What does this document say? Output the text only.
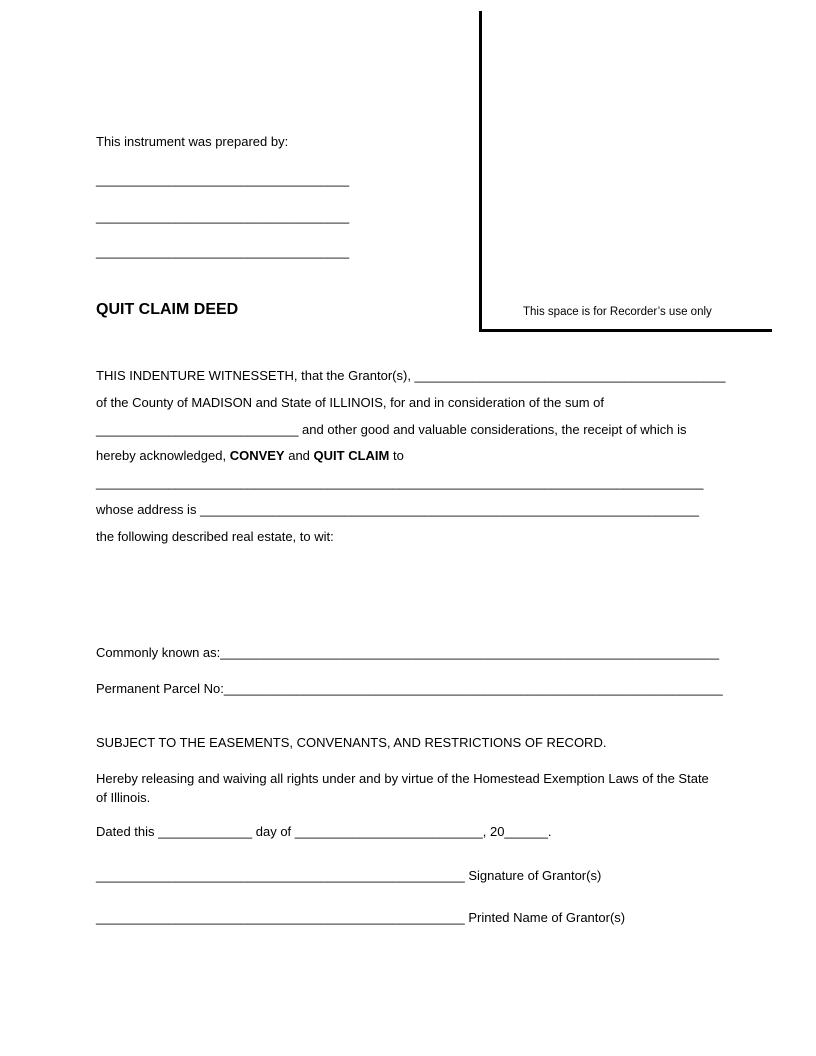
This instrument was prepared by:
___________________________________
___________________________________
___________________________________
QUIT CLAIM DEED	This space is for Recorder’s use only
THIS INDENTURE WITNESSETH, that the Grantor(s), ___________________________________________
of the County of MADISON and State of ILLINOIS, for and in consideration of the sum of
____________________________ and other good and valuable considerations, the receipt of which is
hereby acknowledged, CONVEY and QUIT CLAIM to
____________________________________________________________________________________
whose address is _____________________________________________________________________
the following described real estate, to wit:
Commonly known as:_____________________________________________________________________
Permanent Parcel No:_____________________________________________________________________
SUBJECT TO THE EASEMENTS, CONVENANTS, AND RESTRICTIONS OF RECORD.
Hereby releasing and waiving all rights under and by virtue of the Homestead Exemption Laws of the State of Illinois.
Dated this _____________ day of __________________________, 20______.
___________________________________________________ Signature of Grantor(s)
___________________________________________________ Printed Name of Grantor(s)
